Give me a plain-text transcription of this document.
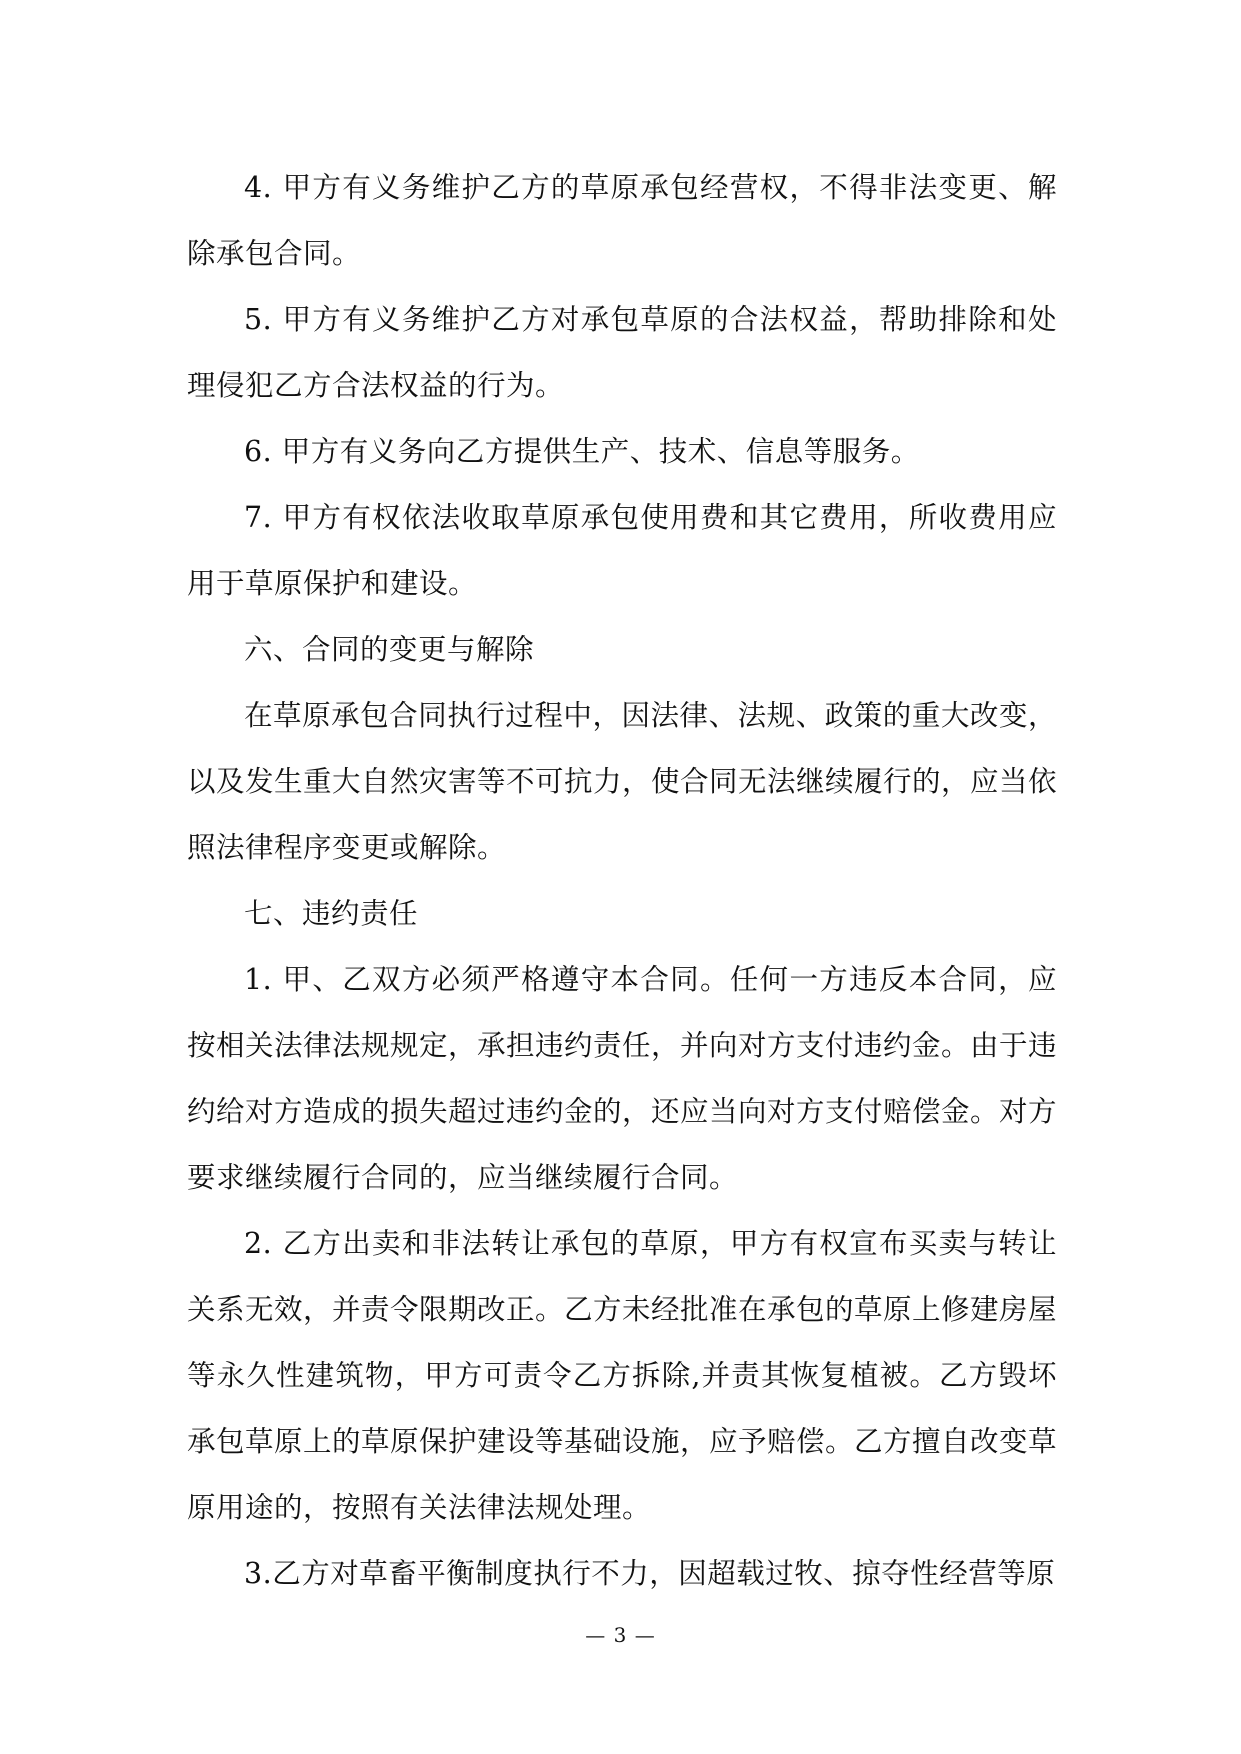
4. 甲方有义务维护乙方的草原承包经营权，不得非法变更、解除承包合同。

5. 甲方有义务维护乙方对承包草原的合法权益，帮助排除和处理侵犯乙方合法权益的行为。

6. 甲方有义务向乙方提供生产、技术、信息等服务。

7. 甲方有权依法收取草原承包使用费和其它费用，所收费用应用于草原保护和建设。

六、合同的变更与解除

在草原承包合同执行过程中，因法律、法规、政策的重大改变，以及发生重大自然灾害等不可抗力，使合同无法继续履行的，应当依照法律程序变更或解除。

七、违约责任

1. 甲、乙双方必须严格遵守本合同。任何一方违反本合同，应按相关法律法规规定，承担违约责任，并向对方支付违约金。由于违约给对方造成的损失超过违约金的，还应当向对方支付赔偿金。对方要求继续履行合同的，应当继续履行合同。

2. 乙方出卖和非法转让承包的草原，甲方有权宣布买卖与转让关系无效，并责令限期改正。乙方未经批准在承包的草原上修建房屋等永久性建筑物，甲方可责令乙方拆除,并责其恢复植被。乙方毁坏承包草原上的草原保护建设等基础设施，应予赔偿。乙方擅自改变草原用途的，按照有关法律法规处理。

3.乙方对草畜平衡制度执行不力，因超载过牧、掠夺性经营等原

— 3 —
